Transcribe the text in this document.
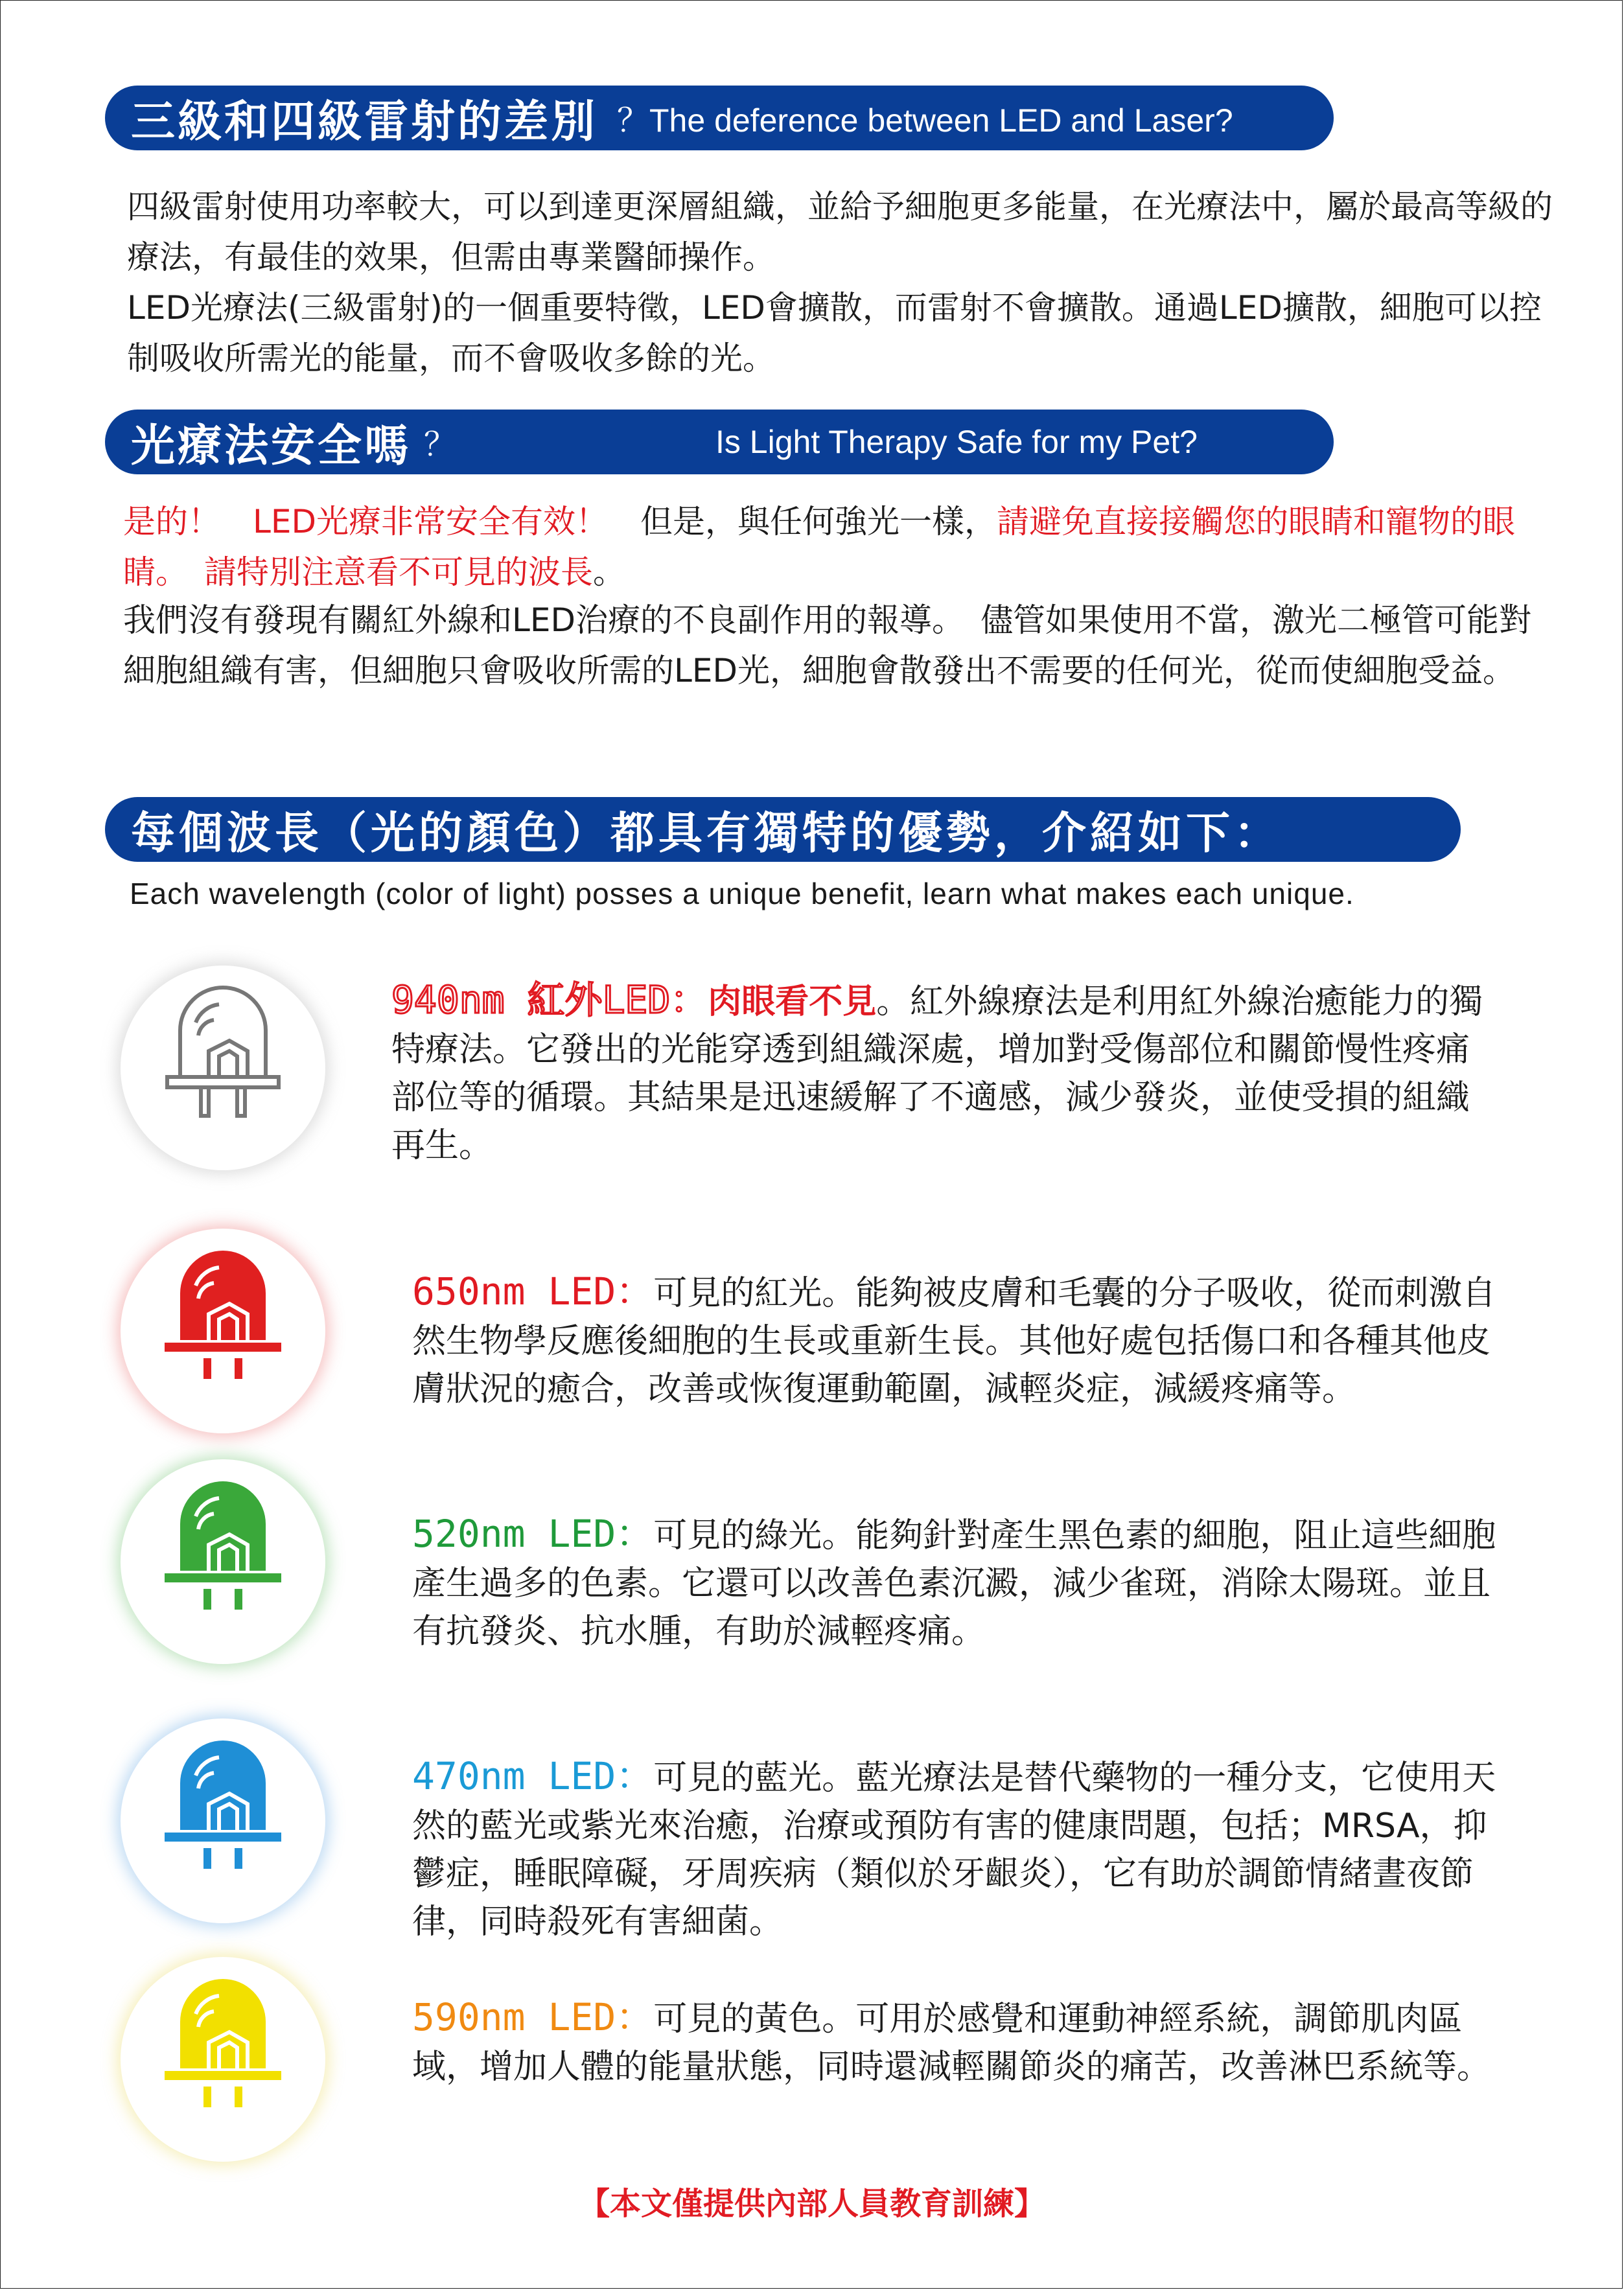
三級和四級雷射的差別 ？The deference between LED and Laser?

四級雷射使用功率較大，可以到達更深層組織，並給予細胞更多能量，在光療法中，屬於最高等級的療法，有最佳的效果，但需由專業醫師操作。

LED光療法(三級雷射)的一個重要特徵，LED會擴散，而雷射不會擴散。通過LED擴散，細胞可以控制吸收所需光的能量，而不會吸收多餘的光。

光療法安全嗎 ？	Is Light Therapy Safe for my Pet?

是的！　LED光療非常安全有效！　但是，與任何強光一樣，請避免直接接觸您的眼睛和寵物的眼睛。　請特別注意看不可見的波長。

我們沒有發現有關紅外線和LED治療的不良副作用的報導。　儘管如果使用不當，激光二極管可能對細胞組織有害，但細胞只會吸收所需的LED光，細胞會散發出不需要的任何光，從而使細胞受益。

每個波長（光的顏色）都具有獨特的優勢，介紹如下：
Each wavelength (color of light) posses a unique benefit, learn what makes each unique.

940nm 紅外LED：肉眼看不見。紅外線療法是利用紅外線治癒能力的獨特療法。它發出的光能穿透到組織深處，增加對受傷部位和關節慢性疼痛部位等的循環。其結果是迅速緩解了不適感，減少發炎，並使受損的組織再生。

650nm LED：可見的紅光。能夠被皮膚和毛囊的分子吸收，從而刺激自然生物學反應後細胞的生長或重新生長。其他好處包括傷口和各種其他皮膚狀況的癒合，改善或恢復運動範圍，減輕炎症，減緩疼痛等。

520nm LED：可見的綠光。能夠針對產生黑色素的細胞，阻止這些細胞產生過多的色素。它還可以改善色素沉澱，減少雀斑，消除太陽斑。並且有抗發炎、抗水腫，有助於減輕疼痛。

470nm LED：可見的藍光。藍光療法是替代藥物的一種分支，它使用天然的藍光或紫光來治癒，治療或預防有害的健康問題，包括；MRSA，抑鬱症，睡眠障礙，牙周疾病（類似於牙齦炎），它有助於調節情緒晝夜節律，同時殺死有害細菌。

590nm LED：可見的黃色。可用於感覺和運動神經系統，調節肌肉區域，增加人體的能量狀態，同時還減輕關節炎的痛苦，改善淋巴系統等。

【本文僅提供內部人員教育訓練】
